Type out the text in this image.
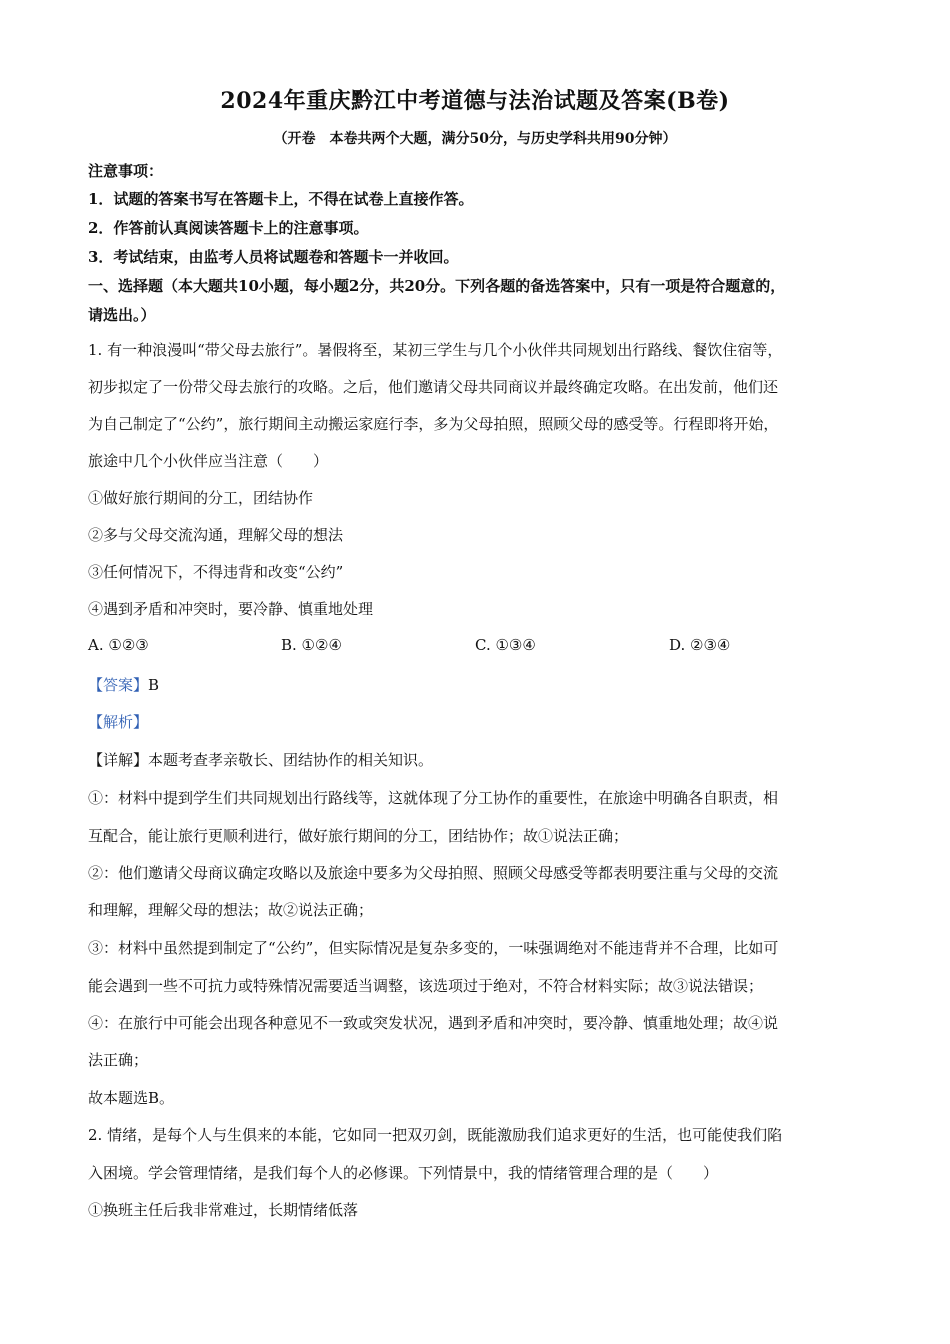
2024年重庆黔江中考道德与法治试题及答案(B卷)
（开卷　本卷共两个大题，满分50分，与历史学科共用90分钟）
注意事项：
1．试题的答案书写在答题卡上，不得在试卷上直接作答。
2．作答前认真阅读答题卡上的注意事项。
3．考试结束，由监考人员将试题卷和答题卡一并收回。
一、选择题（本大题共10小题，每小题2分，共20分。下列各题的备选答案中，只有一项是符合题意的，
请选出。）
1. 有一种浪漫叫“带父母去旅行”。暑假将至，某初三学生与几个小伙伴共同规划出行路线、餐饮住宿等，
初步拟定了一份带父母去旅行的攻略。之后，他们邀请父母共同商议并最终确定攻略。在出发前，他们还
为自己制定了“公约”，旅行期间主动搬运家庭行李，多为父母拍照，照顾父母的感受等。行程即将开始，
旅途中几个小伙伴应当注意（　　）
①做好旅行期间的分工，团结协作
②多与父母交流沟通，理解父母的想法
③任何情况下，不得违背和改变“公约”
④遇到矛盾和冲突时，要冷静、慎重地处理
A. ①②③	B. ①②④	C. ①③④	D. ②③④
【答案】B
【解析】
【详解】本题考查孝亲敬长、团结协作的相关知识。
①：材料中提到学生们共同规划出行路线等，这就体现了分工协作的重要性，在旅途中明确各自职责，相
互配合，能让旅行更顺利进行，做好旅行期间的分工，团结协作；故①说法正确；
②：他们邀请父母商议确定攻略以及旅途中要多为父母拍照、照顾父母感受等都表明要注重与父母的交流
和理解，理解父母的想法；故②说法正确；
③：材料中虽然提到制定了“公约”，但实际情况是复杂多变的，一味强调绝对不能违背并不合理，比如可
能会遇到一些不可抗力或特殊情况需要适当调整，该选项过于绝对，不符合材料实际；故③说法错误；
④：在旅行中可能会出现各种意见不一致或突发状况，遇到矛盾和冲突时，要冷静、慎重地处理；故④说
法正确；
故本题选B。
2. 情绪，是每个人与生俱来的本能，它如同一把双刃剑，既能激励我们追求更好的生活，也可能使我们陷
入困境。学会管理情绪，是我们每个人的必修课。下列情景中，我的情绪管理合理的是（　　）
①换班主任后我非常难过，长期情绪低落
